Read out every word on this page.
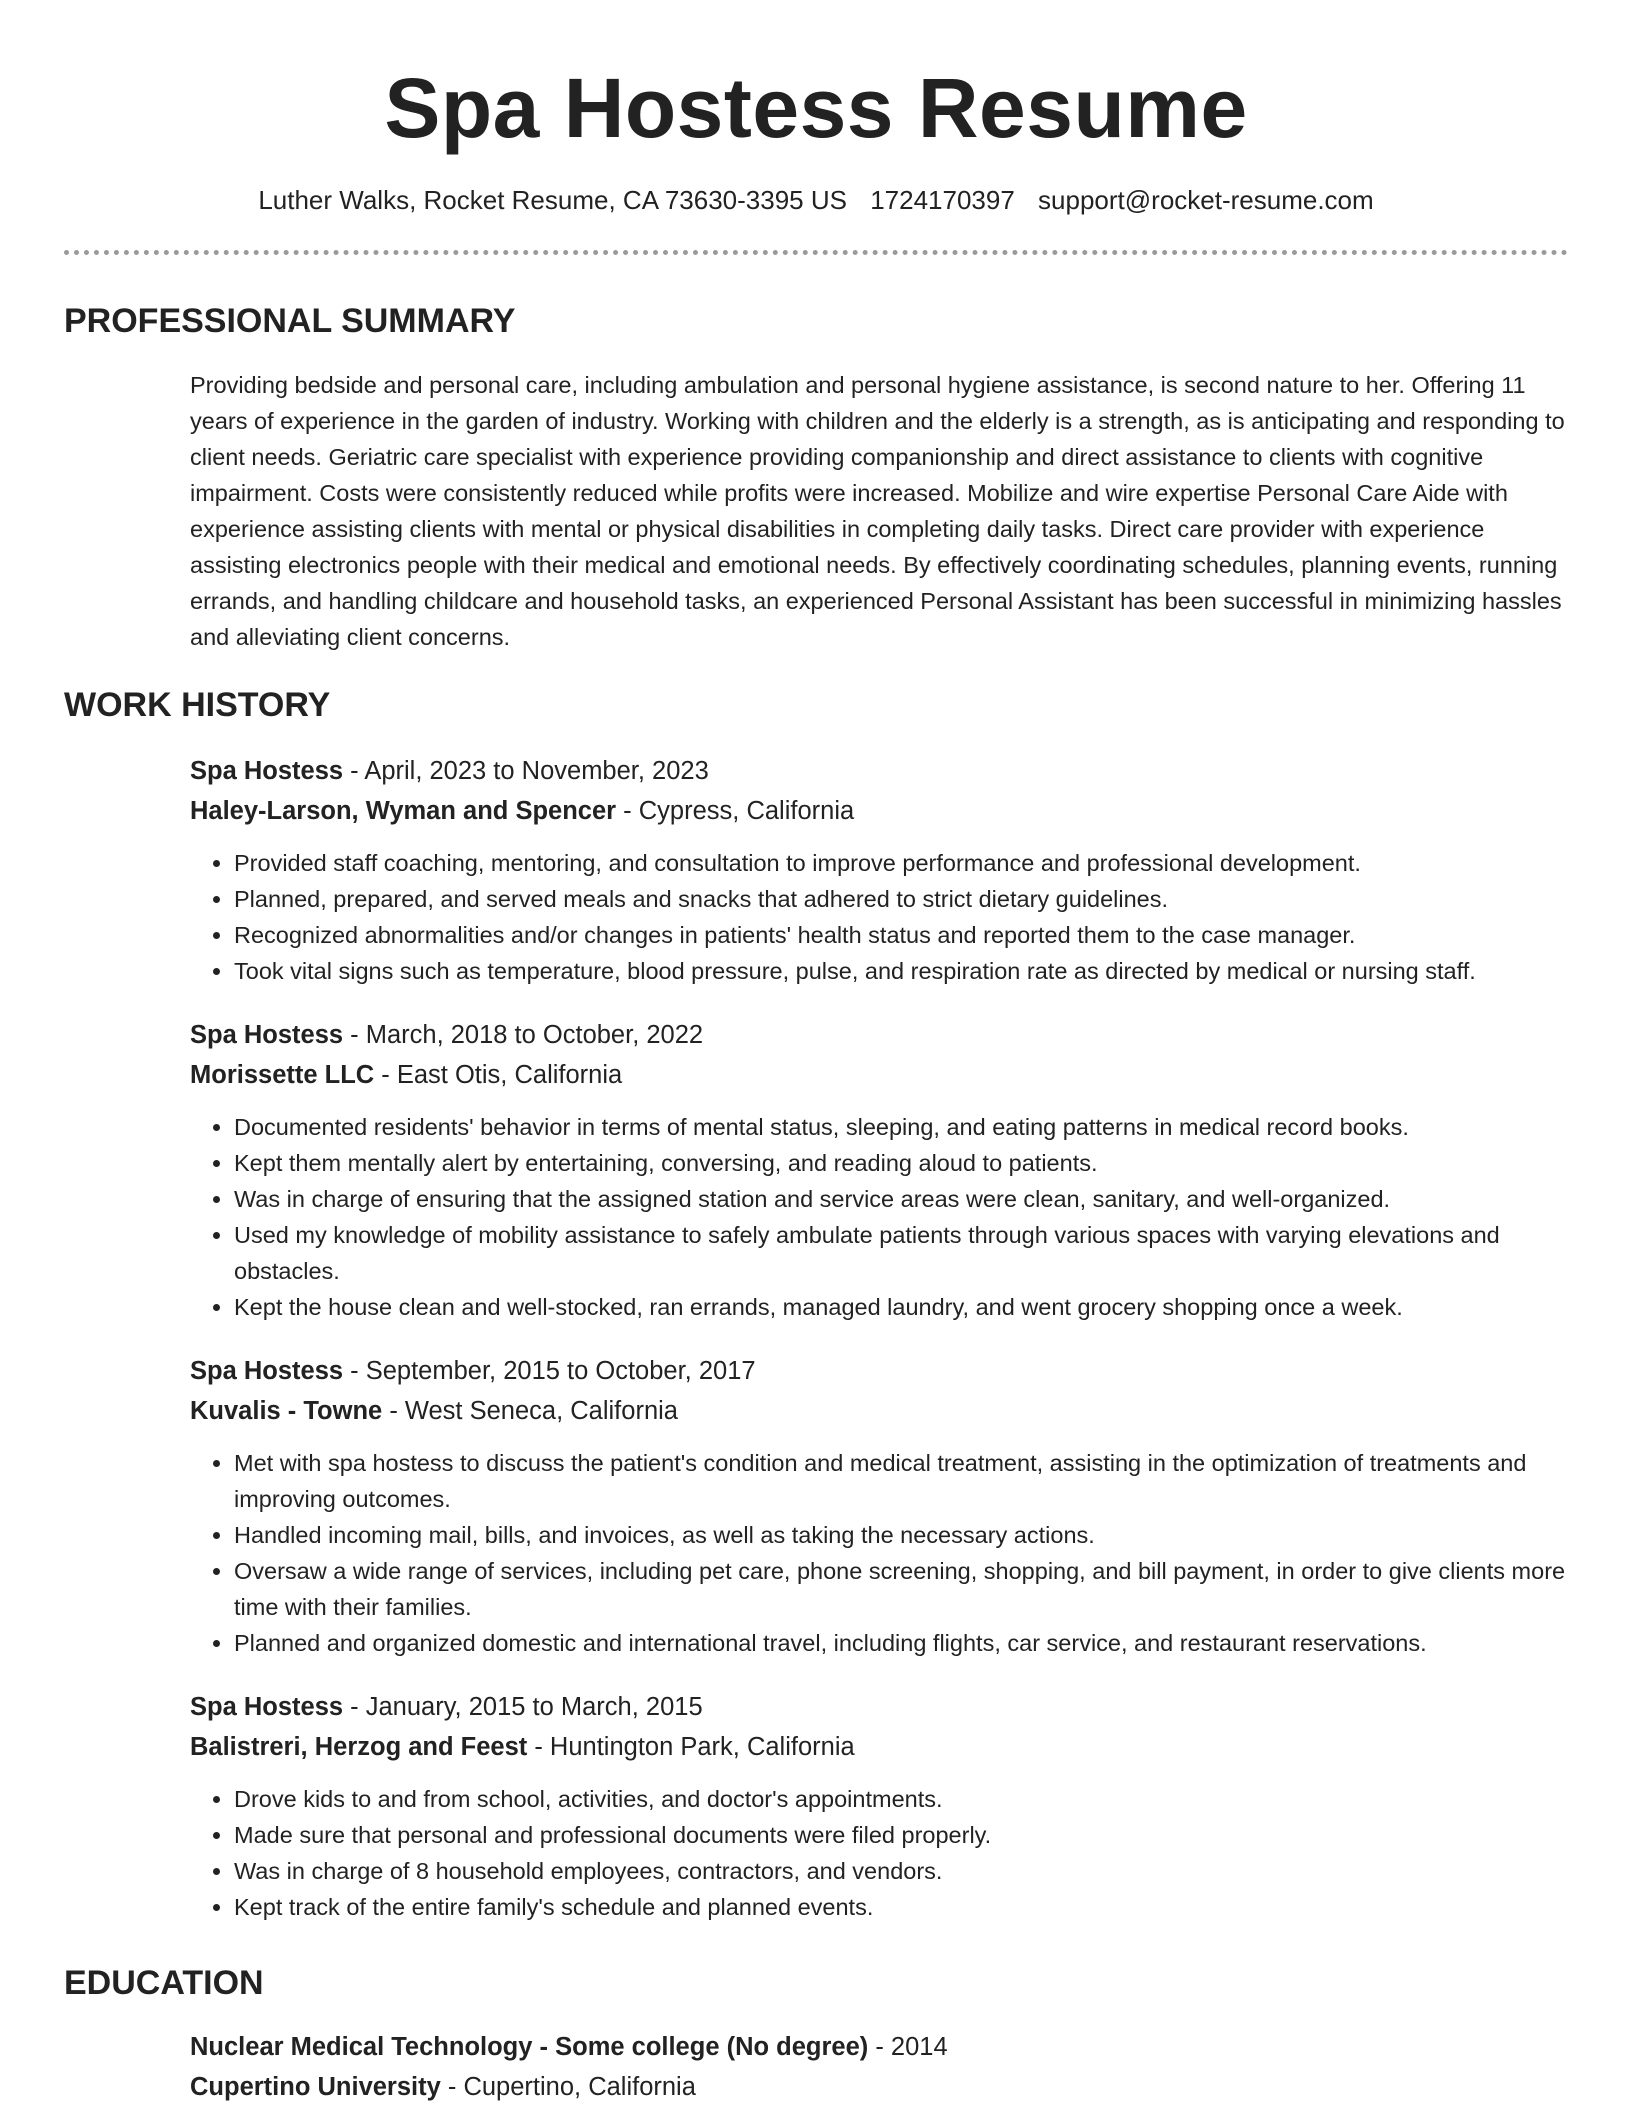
Spa Hostess Resume
Luther Walks, Rocket Resume, CA 73630-3395 US 1724170397 support@rocket-resume.com
PROFESSIONAL SUMMARY

Providing bedside and personal care, including ambulation and personal hygiene assistance, is second nature to her. Offering 11 years of experience in the garden of industry. Working with children and the elderly is a strength, as is anticipating and responding to client needs. Geriatric care specialist with experience providing companionship and direct assistance to clients with cognitive impairment. Costs were consistently reduced while profits were increased. Mobilize and wire expertise Personal Care Aide with experience assisting clients with mental or physical disabilities in completing daily tasks. Direct care provider with experience assisting electronics people with their medical and emotional needs. By effectively coordinating schedules, planning events, running errands, and handling childcare and household tasks, an experienced Personal Assistant has been successful in minimizing hassles and alleviating client concerns.

WORK HISTORY
Spa Hostess - April, 2023 to November, 2023
Haley-Larson, Wyman and Spencer - Cypress, California
• Provided staff coaching, mentoring, and consultation to improve performance and professional development.
• Planned, prepared, and served meals and snacks that adhered to strict dietary guidelines.
• Recognized abnormalities and/or changes in patients' health status and reported them to the case manager.
• Took vital signs such as temperature, blood pressure, pulse, and respiration rate as directed by medical or nursing staff.
Spa Hostess - March, 2018 to October, 2022
Morissette LLC - East Otis, California
• Documented residents' behavior in terms of mental status, sleeping, and eating patterns in medical record books.
• Kept them mentally alert by entertaining, conversing, and reading aloud to patients.
• Was in charge of ensuring that the assigned station and service areas were clean, sanitary, and well-organized.
• Used my knowledge of mobility assistance to safely ambulate patients through various spaces with varying elevations and obstacles.
• Kept the house clean and well-stocked, ran errands, managed laundry, and went grocery shopping once a week.
Spa Hostess - September, 2015 to October, 2017
Kuvalis - Towne - West Seneca, California
• Met with spa hostess to discuss the patient's condition and medical treatment, assisting in the optimization of treatments and improving outcomes.
• Handled incoming mail, bills, and invoices, as well as taking the necessary actions.
• Oversaw a wide range of services, including pet care, phone screening, shopping, and bill payment, in order to give clients more time with their families.
• Planned and organized domestic and international travel, including flights, car service, and restaurant reservations.
Spa Hostess - January, 2015 to March, 2015
Balistreri, Herzog and Feest - Huntington Park, California
• Drove kids to and from school, activities, and doctor's appointments.
• Made sure that personal and professional documents were filed properly.
• Was in charge of 8 household employees, contractors, and vendors.
• Kept track of the entire family's schedule and planned events.
EDUCATION
Nuclear Medical Technology - Some college (No degree) - 2014
Cupertino University - Cupertino, California
